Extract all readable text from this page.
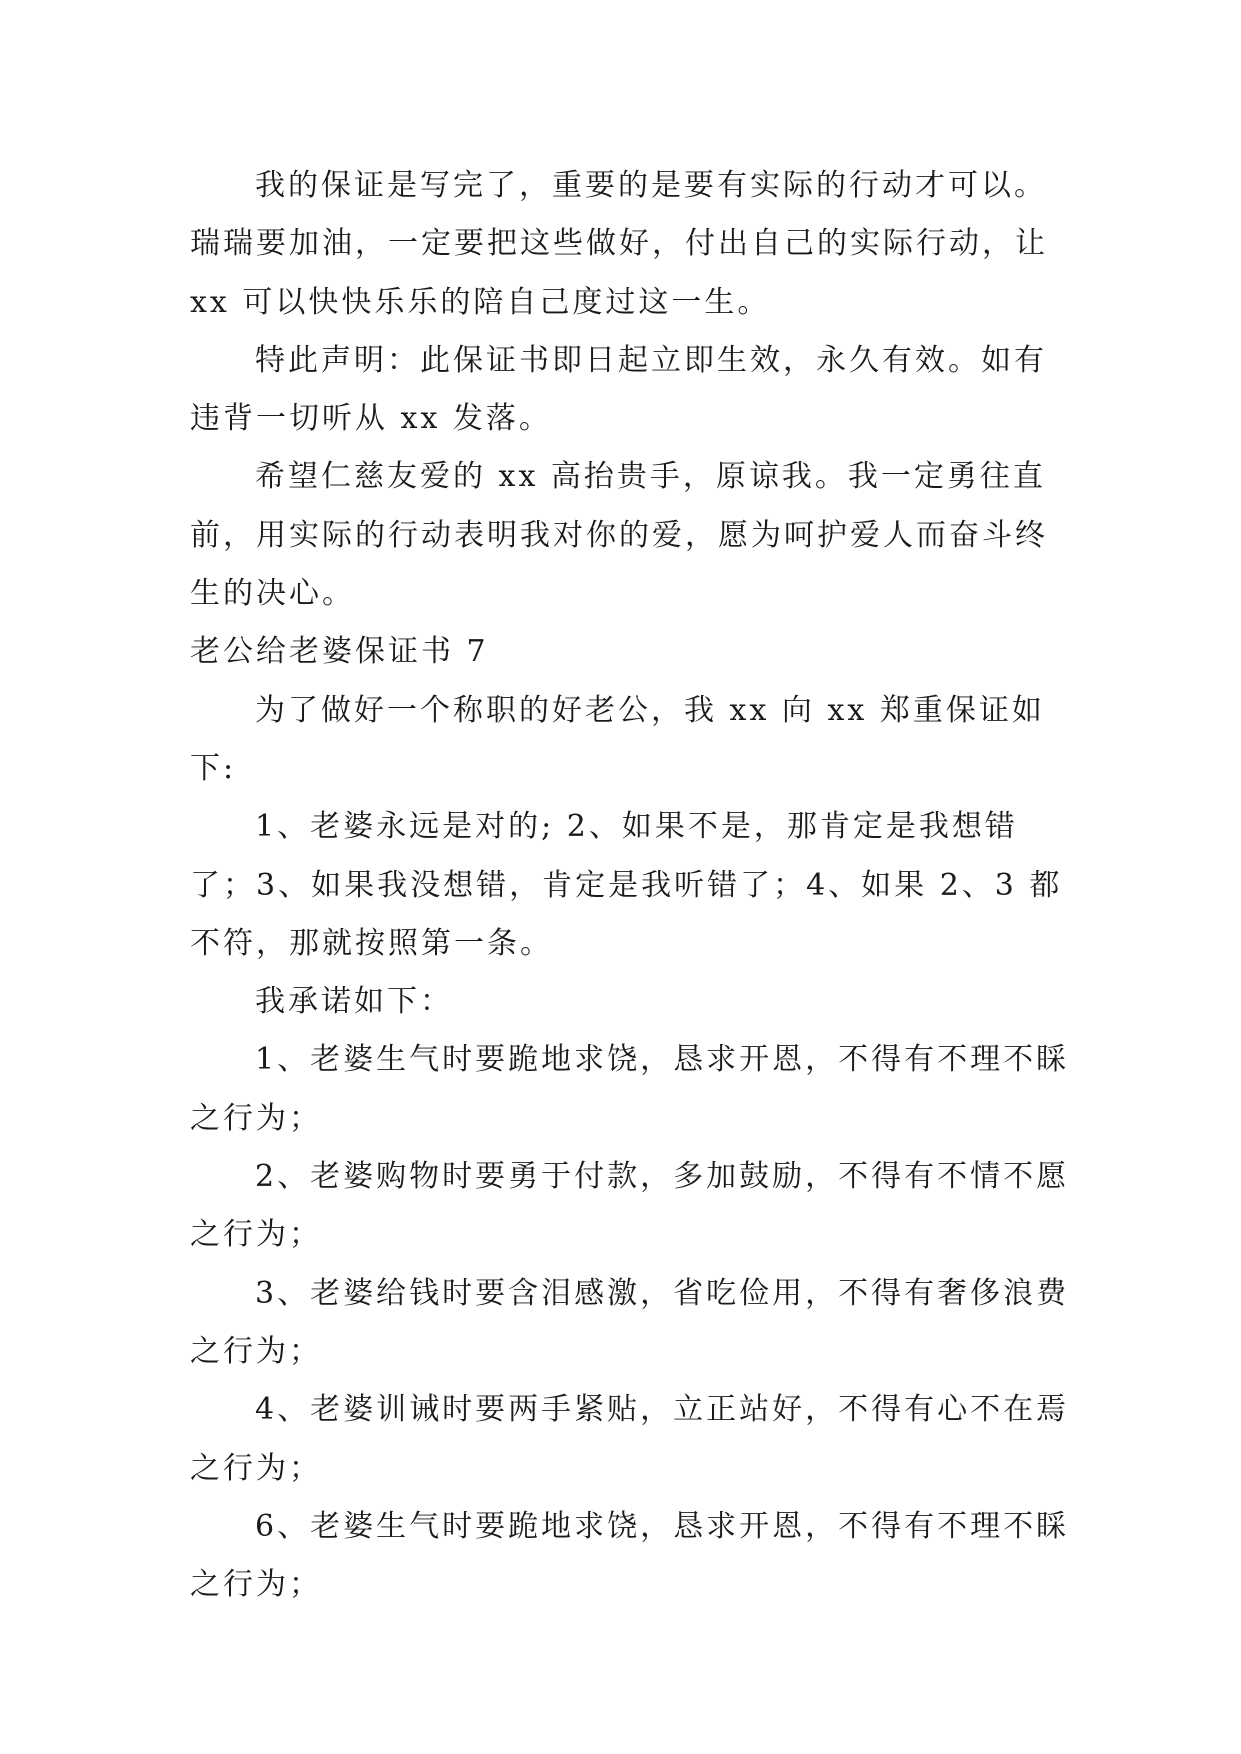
我的保证是写完了，重要的是要有实际的行动才可以。瑞瑞要加油，一定要把这些做好，付出自己的实际行动，让 xx 可以快快乐乐的陪自己度过这一生。

特此声明：此保证书即日起立即生效，永久有效。如有违背一切听从 xx 发落。

希望仁慈友爱的 xx 高抬贵手，原谅我。我一定勇往直前，用实际的行动表明我对你的爱，愿为呵护爱人而奋斗终生的决心。

老公给老婆保证书 7

为了做好一个称职的好老公，我 xx 向 xx 郑重保证如下:

1、老婆永远是对的; 2、如果不是，那肯定是我想错了；3、如果我没想错，肯定是我听错了；4、如果 2、3 都不符，那就按照第一条。

我承诺如下：

1、老婆生气时要跪地求饶，恳求开恩，不得有不理不睬之行为；

2、老婆购物时要勇于付款，多加鼓励，不得有不情不愿之行为；

3、老婆给钱时要含泪感激，省吃俭用，不得有奢侈浪费之行为；

4、老婆训诫时要两手紧贴，立正站好，不得有心不在焉之行为；

6、老婆生气时要跪地求饶，恳求开恩，不得有不理不睬之行为；
